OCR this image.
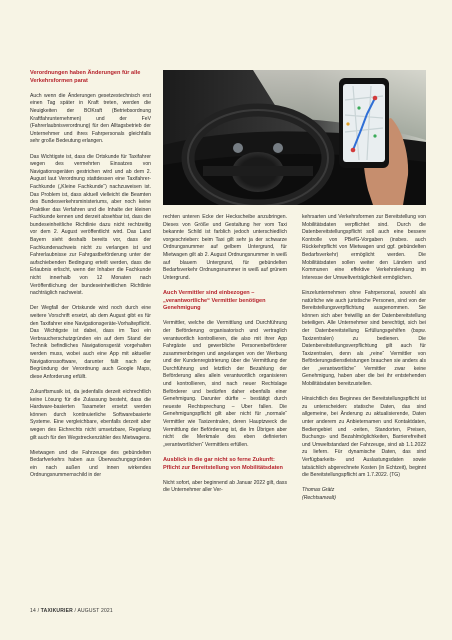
Verordnungen haben Änderungen für alle Verkehrsformen parat

Auch wenn die Änderungen gesetzestechnisch erst einen Tag später in Kraft treten, werden die Neuigkeiten der BOKraft (Betriebsordnung Kraftfahrunternehmen) und der FeV (Fahrerlaubnisverordnung) für den Alltagsbetrieb der Unternehmer und ihres Fahrpersonals gleichfalls sehr große Bedeutung erlangen.

Das Wichtigste ist, dass die Ortskunde für Taxifahrer wegen des vermehrten Einsatzes von Navigationsgeräten gestrichen wird und ab dem 2. August laut Verordnung stattdessen eine Taxifahrer-Fachkunde („Kleine Fachkunde“) nachzuweisen ist. Das Problem ist, dass aktuell vielleicht die Beamten des Bundesverkehrsministeriums, aber noch keine Praktiker das Verfahren und die Inhalte der kleinen Fachkunde kennen und derzeit absehbar ist, dass die bundeseinheitliche Richtlinie dazu nicht rechtzeitig vor dem 2. August veröffentlicht wird. Das Land Bayern sieht deshalb bereits vor, dass der Fachkundenachweis nicht zu verlangen ist und Fahrerlaubnisse zur Fahrgastbeförderung unter der aufschiebenden Bedingung erteilt werden, dass die Erlaubnis erlischt, wenn der Inhaber die Fachkunde nicht innerhalb von 12 Monaten nach Veröffentlichung der bundeseinheitlichen Richtlinie nachträglich nachweist.

Der Wegfall der Ortskunde wird noch durch eine weitere Vorschrift ersetzt, ab dem August gibt es für den Taxifahrer eine Navigationsgeräte-Vorhaltepflicht. Das Wichtigste ist dabei, dass im Taxi ein Verbraucherschutzgründen ein auf dem Stand der Technik befindliches Navigationsgerät vorgehalten werden muss, wobei auch eine App mit aktueller Navigationssoftware, darunter fällt nach der Begründung der Verordnung auch Google Maps, diese Anforderung erfüllt.

Zukunftsmusik ist, da jedenfalls derzeit eichrechtlich keine Lösung für die Zulassung besteht, dass die Hardware-basierten Taxameter ersetzt werden können durch kontinuierliche Softwarebasierte Systeme. Eine vergleichbare, ebenfalls derzeit aber wegen des Eichrechts nicht umsetzbare, Regelung gilt auch für den Wegstreckenzähler des Mietwagens.

Mietwagen und die Fahrzeuge des gebündelten Bedarfverkehrs haben aus Überwachungsgründen ein nach außen und innen wirkendes Ordnungsnummernschild in der

rechten unteren Ecke der Heckscheibe anzubringen. Dieses von Größe und Gestaltung her vom Taxi bekannte Schild ist farblich jedoch unterschiedlich vorgeschrieben: beim Taxi gilt sehr ja der schwarze Ordnungsnummer auf gelbem Untergrund, für Mietwagen gilt ab 2. August Ordnungsnummer in weiß auf blauem Untergrund, für gebündelten Bedarfsverkehr Ordnungsnummer in weiß auf grünem Untergrund.

Auch Vermittler sind einbezogen – „verantwortliche“ Vermittler benötigen Genehmigung

Vermittler, welche die Vermittlung und Durchführung der Beförderung organisatorisch und vertraglich verantwortlich kontrollieren, die also mit ihrer App Fahrgäste und gewerbliche Personenbeförderer zusammenbringen und angelangen von der Werbung und der Kundenregistrierung über die Vermittlung der Durchführung und letztlich der Bezahlung der Beförderung alles allein verantwortlich organisieren und kontrollieren, sind nach neuer Rechtslage Beförderer und bedürfen daher ebenfalls einer Genehmigung. Darunter dürfte – bestätigt durch neueste Rechtsprechung – Uber fallen. Die Genehmigungspflicht gilt aber nicht für „normale“ Vermittler wie Taxizentralen, deren Hauptzweck die Vermittlung der Beförderung ist, die Im Übrigen aber nicht die Merkmale des eben definierten „verantwortlichen“ Vermittlers erfüllen.

Ausblick in die gar nicht so ferne Zukunft: Pflicht zur Bereitstellung von Mobilitätsdaten

Nicht sofort, aber beginnend ab Januar 2022 gilt, dass die Unternehmer aller Ver-

kehrsarten und Verkehrsformen zur Bereitstellung von Mobilitätsdaten verpflichtet sind. Durch die Datenbereitstellungspflicht soll auch eine bessere Kontrolle von PBefG-Vorgaben (insbes. auch Rückkehrpflicht von Mietwagen und ggf. gebündelten Bedarfsverkehr) ermöglicht werden. Die Mobilitätsdaten sollen weiter den Ländern und Kommunen eine effektive Verkehrslenkung im Interesse der Umweltverträglichkeit ermöglichen.

Einzelunternehmen ohne Fahrpersonal, sowohl als natürliche wie auch juristische Personen, sind von der Bereitstellungsverpflichtung ausgenommen. Sie können sich aber freiwillig an der Datenbereitstellung beteiligen. Alle Unternehmer sind berechtigt, sich bei der Datenbereitstellung Erfüllungsgehilfen (bspw. Taxizentralen) zu bedienen. Die Datenbereitstellungsverpflichtung gilt auch für Taxizentralen, denn als „reine“ Vermittler von Beförderungsdienstleistungen brauchen sie anders als der „verantwortliche“ Vermittler zwar keine Genehmigung, haben aber die bei ihr entstehenden Mobilitätsdaten bereitzustellen.

Hinsichtlich des Beginnes der Bereitstellungspflicht ist zu unterscheiden: statische Daten, das sind allgemeine, bei Änderung zu aktualisierende, Daten unter anderem zu Anbieternamen und Kontaktdaten, Bediengebiet und -zeiten, Standorten, Preisen, Buchungs- und Bezahlmöglichkeiten, Barrierefreiheit und Umweltstandard der Fahrzeuge, sind ab 1.1.2022 zu liefern. Für dynamische Daten, das sind Verfügbarkeits- und Auslastungsdaten sowie tatsächlich abgerechnete Kosten (in Echtzeit), beginnt die Bereitstellungspflicht am 1.7.2022. (TG)

Thomas Grätz
(Rechtsanwalt)

14 / TAXIKURIER / AUGUST 2021
